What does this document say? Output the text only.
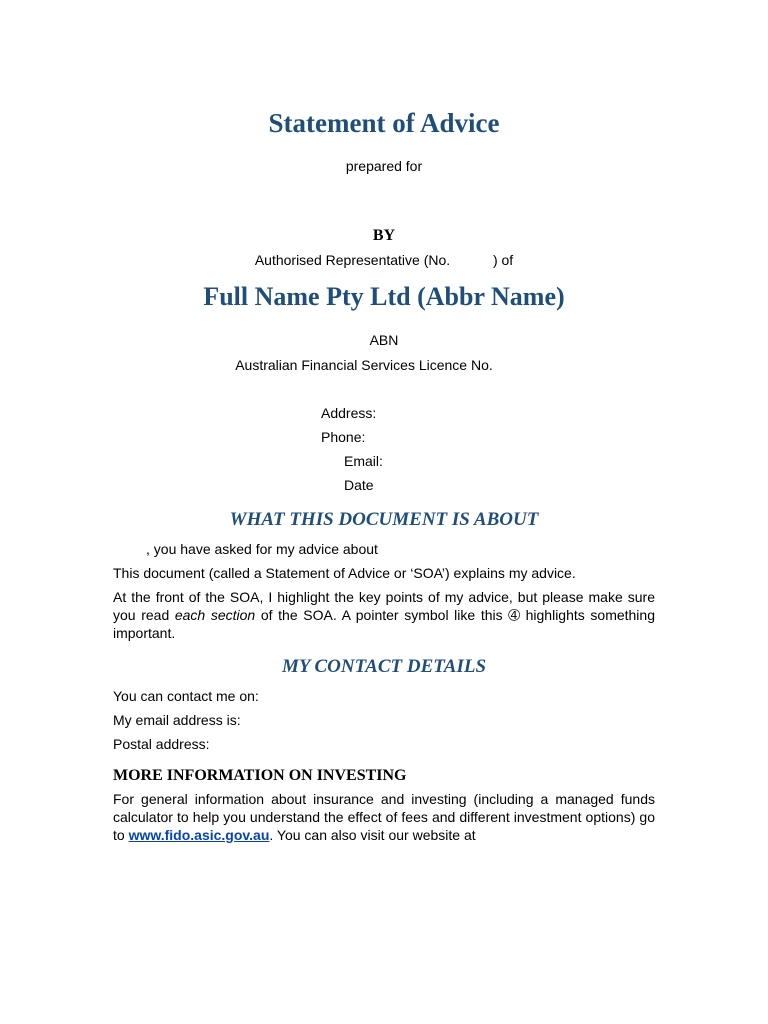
Statement of Advice
prepared for
BY
Authorised Representative (No.           ) of
Full Name Pty Ltd (Abbr Name)
ABN
Australian Financial Services Licence No.
Address:
Phone:
Email:
Date
WHAT THIS DOCUMENT IS ABOUT
, you have asked for my advice about
This document (called a Statement of Advice or ‘SOA’) explains my advice.
At the front of the SOA, I highlight the key points of my advice, but please make sure you read each section of the SOA. A pointer symbol like this ➃ highlights something important.
MY CONTACT DETAILS
You can contact me on:
My email address is:
Postal address:
MORE INFORMATION ON INVESTING
For general information about insurance and investing (including a managed funds calculator to help you understand the effect of fees and different investment options) go to www.fido.asic.gov.au. You can also visit our website at
